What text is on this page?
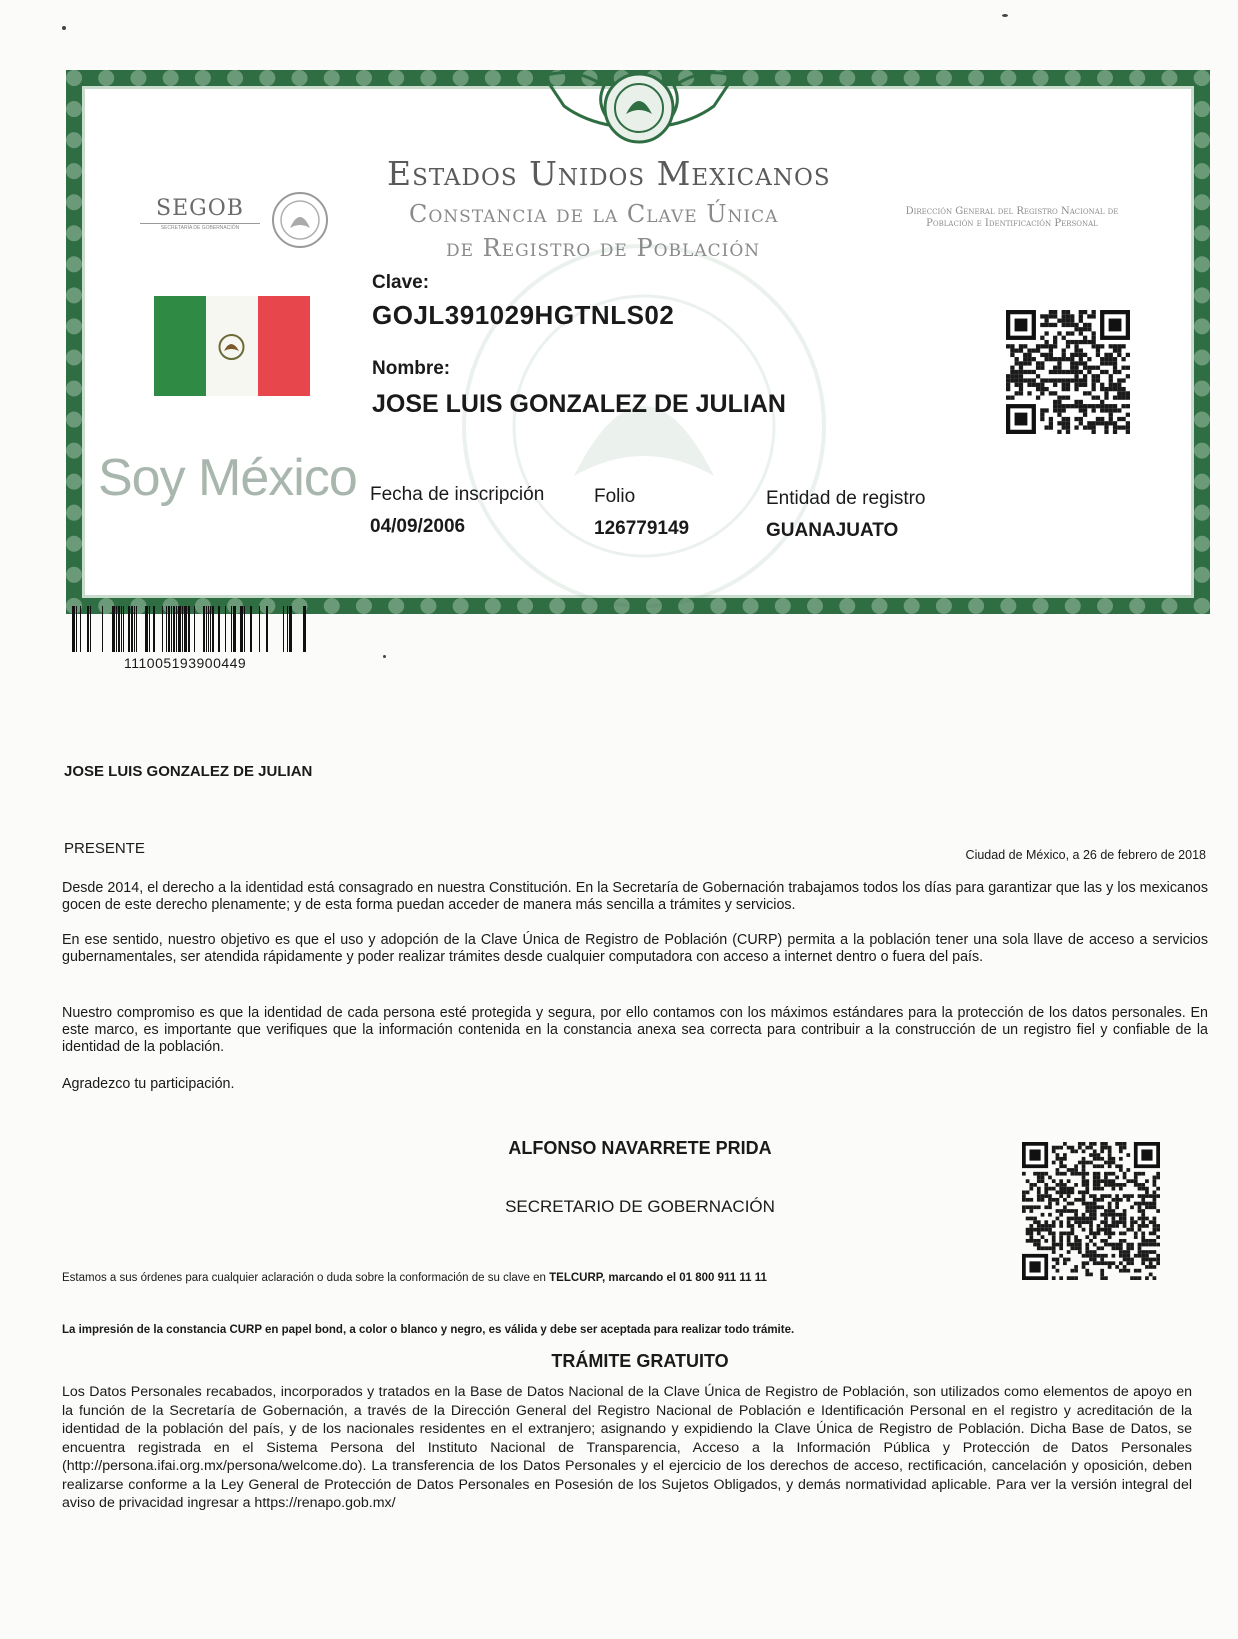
Estados Unidos Mexicanos
Constancia de la Clave Única
de Registro de Población
SEGOB
SECRETARÍA DE GOBERNACIÓN
Dirección General del Registro Nacional de Población e Identificación Personal
Soy México
Clave:
GOJL391029HGTNLS02
Nombre:
JOSE LUIS GONZALEZ DE JULIAN
Fecha de inscripción
04/09/2006
Folio
126779149
Entidad de registro
GUANAJUATO
111005193900449
JOSE LUIS GONZALEZ DE JULIAN
PRESENTE	Ciudad de México, a 26 de febrero de 2018
Desde 2014, el derecho a la identidad está consagrado en nuestra Constitución. En la Secretaría de Gobernación trabajamos todos los días para garantizar que las y los mexicanos gocen de este derecho plenamente; y de esta forma puedan acceder de manera más sencilla a trámites y servicios.
En ese sentido, nuestro objetivo es que el uso y adopción de la Clave Única de Registro de Población (CURP) permita a la población tener una sola llave de acceso a servicios gubernamentales, ser atendida rápidamente y poder realizar trámites desde cualquier computadora con acceso a internet dentro o fuera del país.
Nuestro compromiso es que la identidad de cada persona esté protegida y segura, por ello contamos con los máximos estándares para la protección de los datos personales. En este marco, es importante que verifiques que la información contenida en la constancia anexa sea correcta para contribuir a la construcción de un registro fiel y confiable de la identidad de la población.
Agradezco tu participación.
ALFONSO NAVARRETE PRIDA
SECRETARIO DE GOBERNACIÓN
Estamos a sus órdenes para cualquier aclaración o duda sobre la conformación de su clave en TELCURP, marcando el 01 800 911 11 11
La impresión de la constancia CURP en papel bond, a color o blanco y negro, es válida y debe ser aceptada para realizar todo trámite.
TRÁMITE GRATUITO
Los Datos Personales recabados, incorporados y tratados en la Base de Datos Nacional de la Clave Única de Registro de Población, son utilizados como elementos de apoyo en la función de la Secretaría de Gobernación, a través de la Dirección General del Registro Nacional de Población e Identificación Personal en el registro y acreditación de la identidad de la población del país, y de los nacionales residentes en el extranjero; asignando y expidiendo la Clave Única de Registro de Población. Dicha Base de Datos, se encuentra registrada en el Sistema Persona del Instituto Nacional de Transparencia, Acceso a la Información Pública y Protección de Datos Personales (http://persona.ifai.org.mx/persona/welcome.do). La transferencia de los Datos Personales y el ejercicio de los derechos de acceso, rectificación, cancelación y oposición, deben realizarse conforme a la Ley General de Protección de Datos Personales en Posesión de los Sujetos Obligados, y demás normatividad aplicable. Para ver la versión integral del aviso de privacidad ingresar a https://renapo.gob.mx/
